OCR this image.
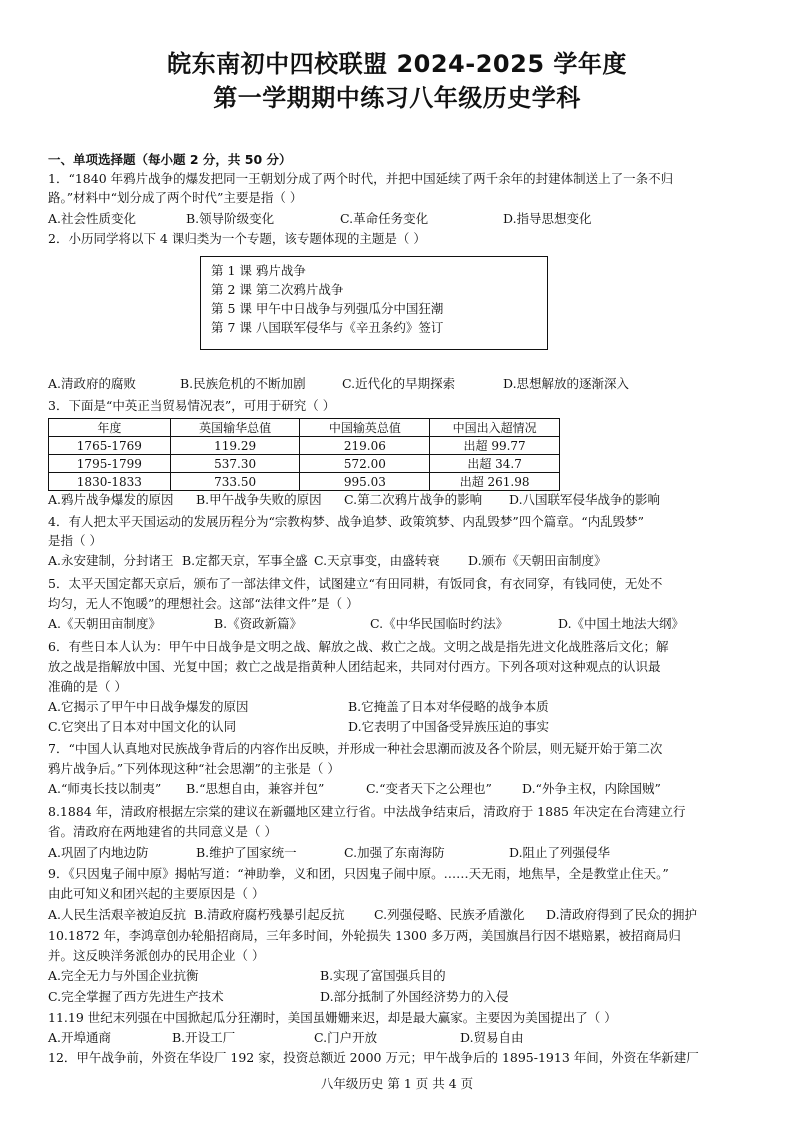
皖东南初中四校联盟 2024-2025 学年度
第一学期期中练习八年级历史学科
一、单项选择题（每小题 2 分，共 50 分）
1．“1840 年鸦片战争的爆发把同一王朝划分成了两个时代，并把中国延续了两千余年的封建体制送上了一条不归
路。”材料中“划分成了两个时代”主要是指（ ）
A.社会性质变化	B.领导阶级变化	C.革命任务变化	D.指导思想变化
2．小历同学将以下 4 课归类为一个专题，该专题体现的主题是（ ）
第 1 课 鸦片战争
第 2 课 第二次鸦片战争
第 5 课 甲午中日战争与列强瓜分中国狂潮
第 7 课 八国联军侵华与《辛丑条约》签订
A.清政府的腐败	B.民族危机的不断加剧	C.近代化的早期探索	D.思想解放的逐渐深入
3．下面是“中英正当贸易情况表”，可用于研究（ ）
年度	英国输华总值	中国输英总值	中国出入超情况
1765-1769	119.29	219.06	出超 99.77
1795-1799	537.30	572.00	出超 34.7
1830-1833	733.50	995.03	出超 261.98
A.鸦片战争爆发的原因 B.甲午战争失败的原因 C.第二次鸦片战争的影响 D.八国联军侵华战争的影响
4．有人把太平天国运动的发展历程分为“宗教构梦、战争追梦、政策筑梦、内乱毁梦”四个篇章。“内乱毁梦”
是指（ ）
A.永安建制，分封诸王 B.定都天京，军事全盛 C.天京事变，由盛转衰 D.颁布《天朝田亩制度》
5．太平天国定都天京后，颁布了一部法律文件，试图建立“有田同耕，有饭同食，有衣同穿，有钱同使，无处不
均匀，无人不饱暖”的理想社会。这部“法律文件”是（ ）
A.《天朝田亩制度》	B.《资政新篇》	C.《中华民国临时约法》	D.《中国土地法大纲》
6．有些日本人认为：甲午中日战争是文明之战、解放之战、救亡之战。文明之战是指先进文化战胜落后文化；解
放之战是指解放中国、光复中国；救亡之战是指黄种人团结起来，共同对付西方。下列各项对这种观点的认识最
准确的是（ ）
A.它揭示了甲午中日战争爆发的原因	B.它掩盖了日本对华侵略的战争本质
C.它突出了日本对中国文化的认同	D.它表明了中国备受异族压迫的事实
7．“中国人认真地对民族战争背后的内容作出反映，并形成一种社会思潮而波及各个阶层，则无疑开始于第二次
鸦片战争后。”下列体现这种“社会思潮”的主张是（ ）
A.“师夷长技以制夷” B.“思想自由，兼容并包”	C.“变者天下之公理也” D.“外争主权，内除国贼”
8.1884 年，清政府根据左宗棠的建议在新疆地区建立行省。中法战争结束后，清政府于 1885 年决定在台湾建立行
省。清政府在两地建省的共同意义是（ ）
A.巩固了内地边防	B.维护了国家统一	C.加强了东南海防	D.阻止了列强侵华
9．《只因鬼子闹中原》揭帖写道：“神助拳，义和团，只因鬼子闹中原。……天无雨，地焦旱，全是教堂止住天。”
由此可知义和团兴起的主要原因是（ ）
A.人民生活艰辛被迫反抗 B.清政府腐朽残暴引起反抗 C.列强侵略、民族矛盾激化 D.清政府得到了民众的拥护
10.1872 年，李鸿章创办轮船招商局，三年多时间，外轮损失 1300 多万两，美国旗昌行因不堪赔累，被招商局归
并。这反映洋务派创办的民用企业（ ）
A.完全无力与外国企业抗衡	B.实现了富国强兵目的
C.完全掌握了西方先进生产技术	D.部分抵制了外国经济势力的入侵
11.19 世纪末列强在中国掀起瓜分狂潮时，美国虽姗姗来迟，却是最大赢家。主要因为美国提出了（ ）
A.开埠通商	B.开设工厂	C.门户开放	D.贸易自由
12．甲午战争前，外资在华设厂 192 家，投资总额近 2000 万元；甲午战争后的 1895-1913 年间，外资在华新建厂
八年级历史 第 1 页 共 4 页
